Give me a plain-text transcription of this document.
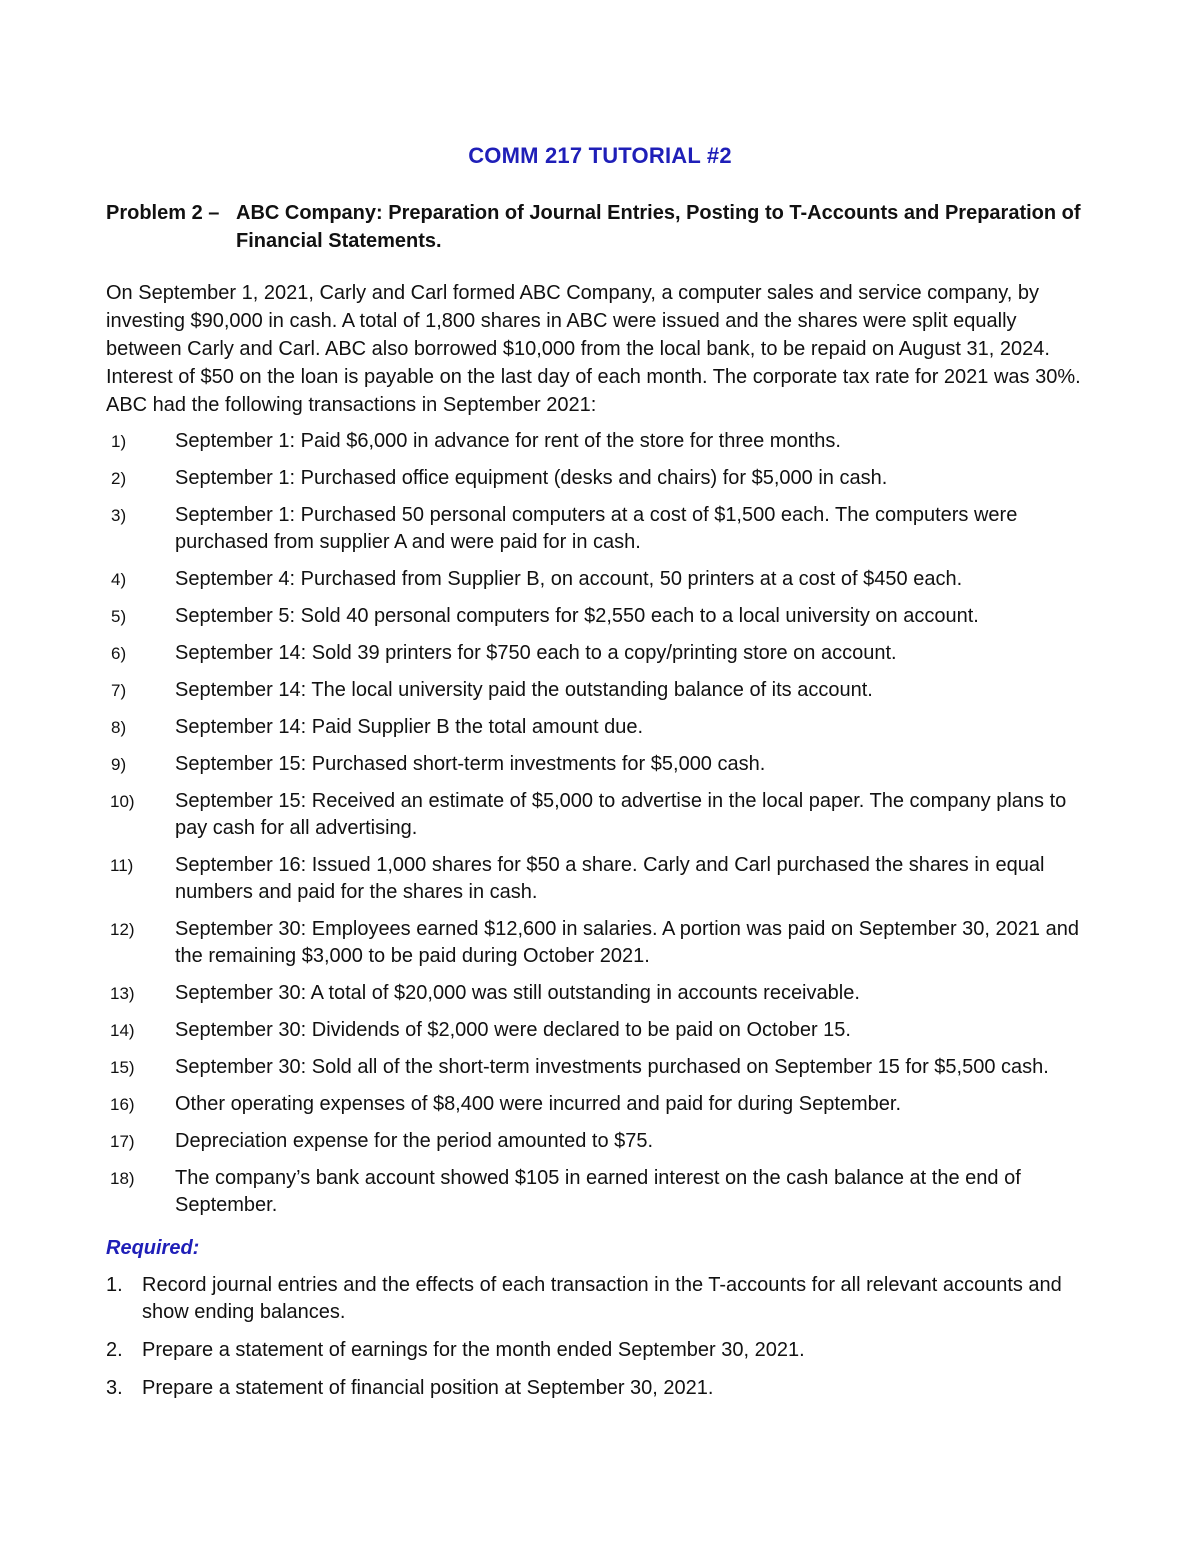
COMM 217 TUTORIAL #2
Problem 2 – ABC Company: Preparation of Journal Entries, Posting to T-Accounts and Preparation of Financial Statements.
On September 1, 2021, Carly and Carl formed ABC Company, a computer sales and service company, by investing $90,000 in cash. A total of 1,800 shares in ABC were issued and the shares were split equally between Carly and Carl. ABC also borrowed $10,000 from the local bank, to be repaid on August 31, 2024. Interest of $50 on the loan is payable on the last day of each month. The corporate tax rate for 2021 was 30%. ABC had the following transactions in September 2021:
1) September 1: Paid $6,000 in advance for rent of the store for three months.
2) September 1: Purchased office equipment (desks and chairs) for $5,000 in cash.
3) September 1: Purchased 50 personal computers at a cost of $1,500 each. The computers were purchased from supplier A and were paid for in cash.
4) September 4: Purchased from Supplier B, on account, 50 printers at a cost of $450 each.
5) September 5: Sold 40 personal computers for $2,550 each to a local university on account.
6) September 14: Sold 39 printers for $750 each to a copy/printing store on account.
7) September 14: The local university paid the outstanding balance of its account.
8) September 14: Paid Supplier B the total amount due.
9) September 15: Purchased short-term investments for $5,000 cash.
10) September 15: Received an estimate of $5,000 to advertise in the local paper. The company plans to pay cash for all advertising.
11) September 16: Issued 1,000 shares for $50 a share. Carly and Carl purchased the shares in equal numbers and paid for the shares in cash.
12) September 30: Employees earned $12,600 in salaries. A portion was paid on September 30, 2021 and the remaining $3,000 to be paid during October 2021.
13) September 30: A total of $20,000 was still outstanding in accounts receivable.
14) September 30: Dividends of $2,000 were declared to be paid on October 15.
15) September 30: Sold all of the short-term investments purchased on September 15 for $5,500 cash.
16) Other operating expenses of $8,400 were incurred and paid for during September.
17) Depreciation expense for the period amounted to $75.
18) The company’s bank account showed $105 in earned interest on the cash balance at the end of September.
Required:
1. Record journal entries and the effects of each transaction in the T-accounts for all relevant accounts and show ending balances.
2. Prepare a statement of earnings for the month ended September 30, 2021.
3. Prepare a statement of financial position at September 30, 2021.
